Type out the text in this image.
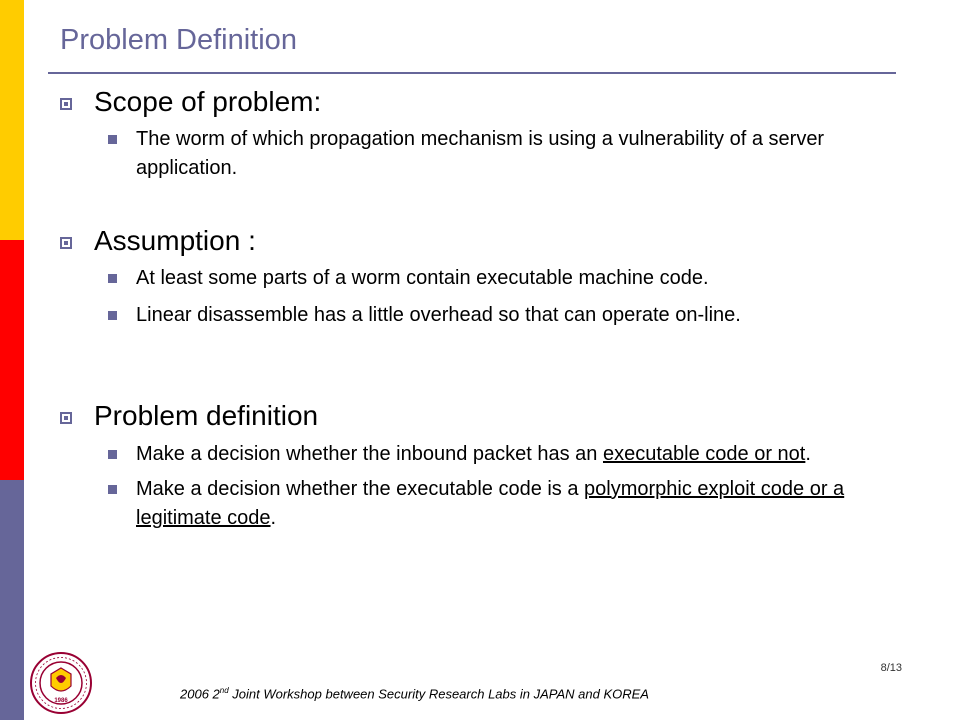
Problem Definition
Scope of problem:
The worm of which propagation mechanism is using a vulnerability of a server application.
Assumption :
At least some parts of a worm contain executable machine code.
Linear disassemble has a little overhead so that can operate on-line.
Problem definition
Make a decision whether the inbound packet has an executable code or not.
Make a decision whether the executable code is a polymorphic exploit code or a legitimate code.
1986	2006 2nd Joint Workshop between Security Research Labs in JAPAN and KOREA
8/13
